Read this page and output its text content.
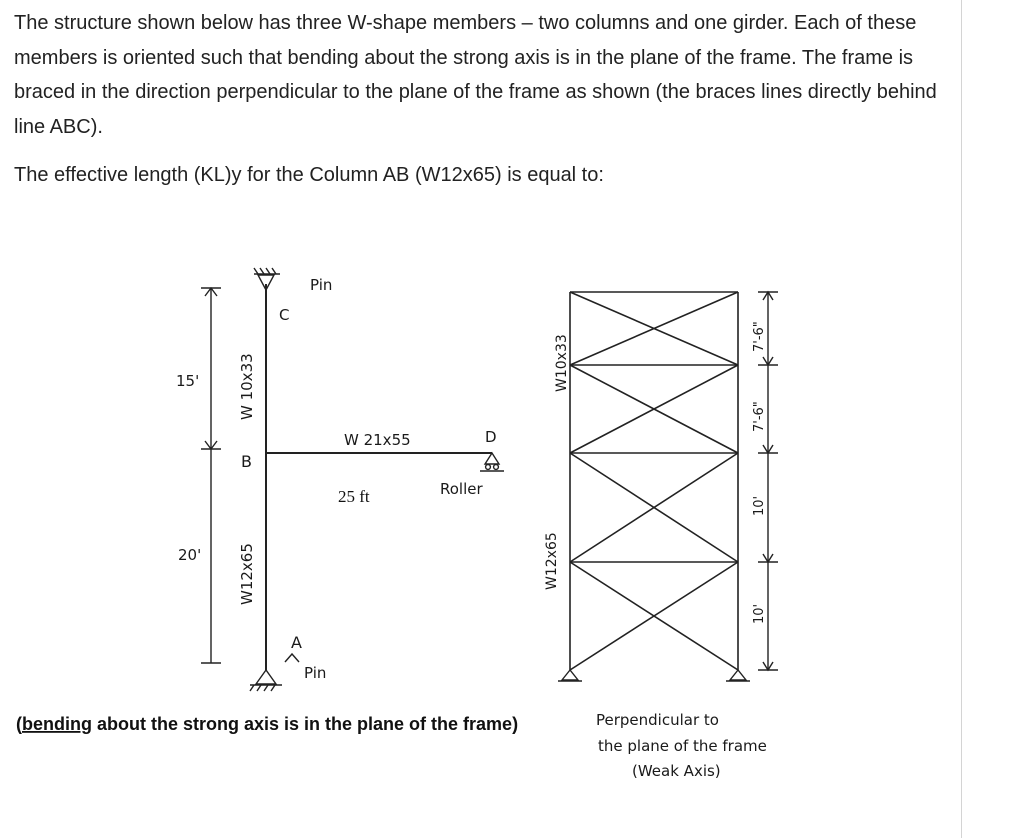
The structure shown below has three W-shape members – two columns and one girder. Each of these members is oriented such that bending about the strong axis is in the plane of the frame. The frame is braced in the direction perpendicular to the plane of the frame as shown (the braces lines directly behind line ABC).

The effective length (KL)y for the Column AB (W12x65) is equal to:

15'
20'
Pin
C
A
Pin
B
W 10x33
W12x65
W 21x55
25 ft
D
Roller
W10x33
W12x65
7'-6"
7'-6"
10'
10'
(bending about the strong axis is in the plane of the frame)	Perpendicular to
the plane of the frame
(Weak Axis)
